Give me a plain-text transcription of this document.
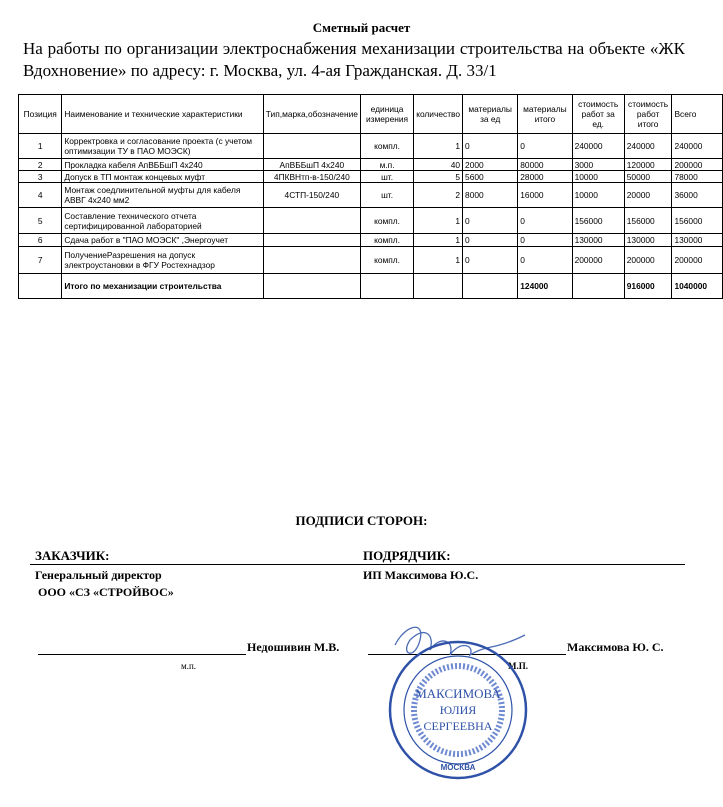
Сметный расчет
На работы по организации электроснабжения механизации строительства на объекте «ЖК Вдохновение» по адресу: г. Москва, ул. 4-ая Гражданская. Д. 33/1
Позиция	Наименование и технические характеристики	Тип,марка,обозначение	единица измерения	количество	материалы за ед	материалы итого	стоимость работ за ед.	стоимость работ итого	Всего
1	Корректровка и согласование проекта (с учетом оптимизации ТУ в ПАО МОЭСК)		компл.	1	0	0	240000	240000	240000
2	Прокладка кабеля АпВББшП 4х240	АпВББшП 4х240	м.п.	40	2000	80000	3000	120000	200000
3	Допуск в ТП монтаж концевых муфт	4ПКВНтп-в-150/240	шт.	5	5600	28000	10000	50000	78000
4	Монтаж соедлинительной муфты для кабеля АВВГ 4х240 мм2	4СТП-150/240	шт.	2	8000	16000	10000	20000	36000
5	Составление технического отчета сертифицированной лабораторией		компл.	1	0	0	156000	156000	156000
6	Сдача работ в "ПАО МОЭСК" ,Энергоучет		компл.	1	0	0	130000	130000	130000
7	ПолучениеРазрешения на допуск электроустановки в ФГУ Ростехнадзор		компл.	1	0	0	200000	200000	200000
	Итого по механизации строительства					124000		916000	1040000
ПОДПИСИ СТОРОН:
ЗАКАЗЧИК:	ПОДРЯДЧИК:
Генеральный директор	ИП Максимова Ю.С.
ООО «СЗ «СТРОЙВОС»
Недошивин М.В.	Максимова Ю. С.
м.п.	М.П.
МАКСИМОВА
ЮЛИЯ
СЕРГЕЕВНА
МОСКВА
